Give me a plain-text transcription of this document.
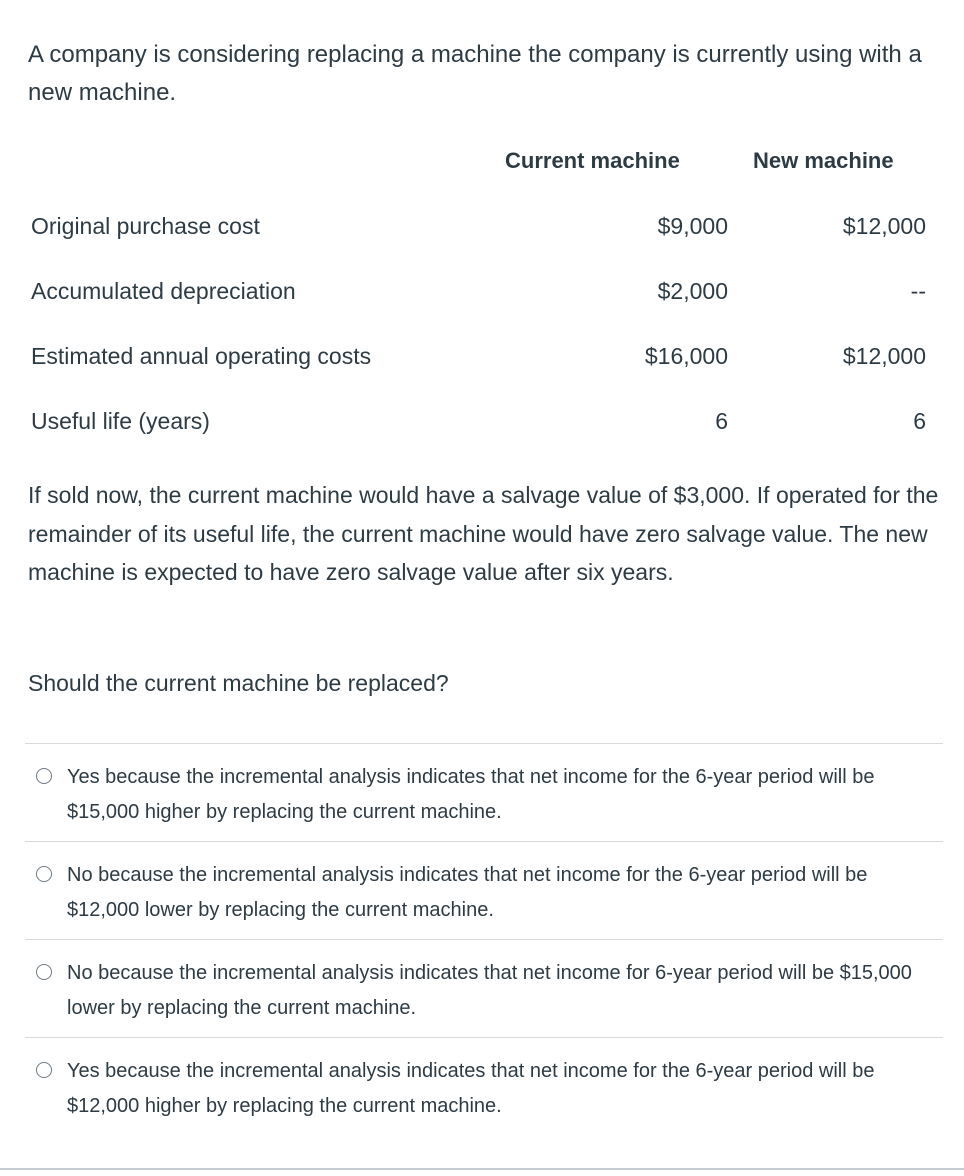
A company is considering replacing a machine the company is currently using with a new machine.

Current machine	New machine
Original purchase cost	$9,000	$12,000
Accumulated depreciation	$2,000	--
Estimated annual operating costs	$16,000	$12,000
Useful life (years)	6	6

If sold now, the current machine would have a salvage value of $3,000. If operated for the remainder of its useful life, the current machine would have zero salvage value. The new machine is expected to have zero salvage value after six years.

Should the current machine be replaced?

Yes because the incremental analysis indicates that net income for the 6-year period will be $15,000 higher by replacing the current machine.
No because the incremental analysis indicates that net income for the 6-year period will be $12,000 lower by replacing the current machine.
No because the incremental analysis indicates that net income for 6-year period will be $15,000 lower by replacing the current machine.
Yes because the incremental analysis indicates that net income for the 6-year period will be $12,000 higher by replacing the current machine.
